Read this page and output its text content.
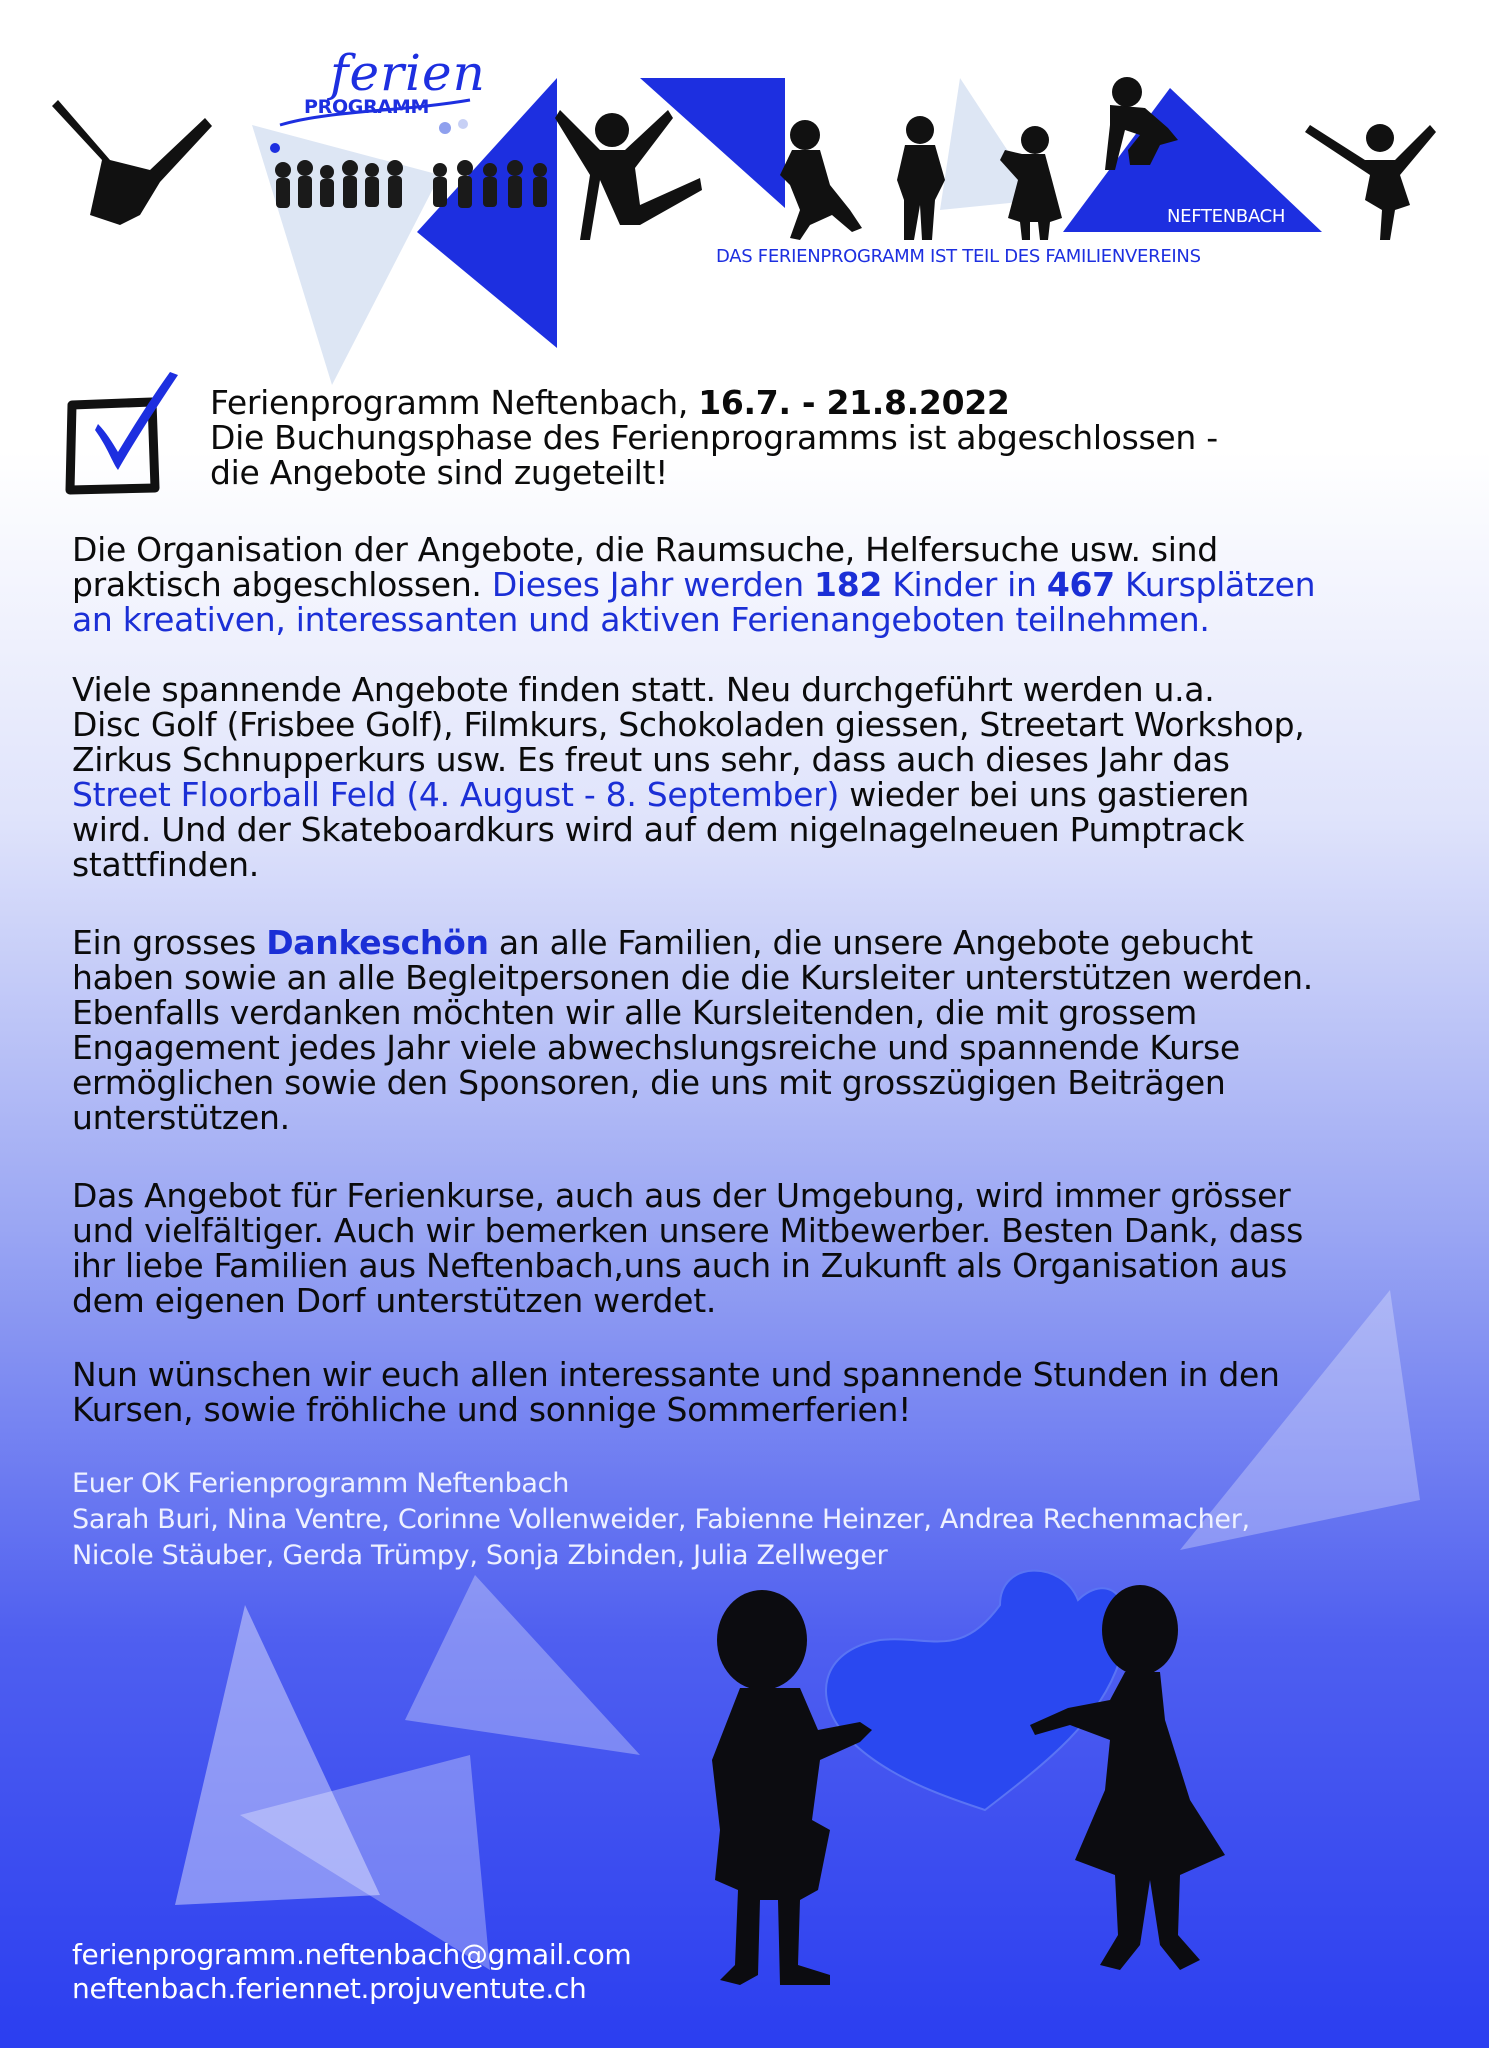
ferien
PROGRAMM
NEFTENBACH
DAS FERIENPROGRAMM IST TEIL DES FAMILIENVEREINS
Ferienprogramm Neftenbach, 16.7. - 21.8.2022
Die Buchungsphase des Ferienprogramms ist abgeschlossen -
die Angebote sind zugeteilt!
Die Organisation der Angebote, die Raumsuche, Helfersuche usw. sind
praktisch abgeschlossen. Dieses Jahr werden 182 Kinder in 467 Kursplätzen
an kreativen, interessanten und aktiven Ferienangeboten teilnehmen.
Viele spannende Angebote finden statt. Neu durchgeführt werden u.a.
Disc Golf (Frisbee Golf), Filmkurs, Schokoladen giessen, Streetart Workshop,
Zirkus Schnupperkurs usw. Es freut uns sehr, dass auch dieses Jahr das
Street Floorball Feld (4. August - 8. September) wieder bei uns gastieren
wird. Und der Skateboardkurs wird auf dem nigelnagelneuen Pumptrack
stattfinden.
Ein grosses Dankeschön an alle Familien, die unsere Angebote gebucht
haben sowie an alle Begleitpersonen die die Kursleiter unterstützen werden.
Ebenfalls verdanken möchten wir alle Kursleitenden, die mit grossem
Engagement jedes Jahr viele abwechslungsreiche und spannende Kurse
ermöglichen sowie den Sponsoren, die uns mit grosszügigen Beiträgen
unterstützen.
Das Angebot für Ferienkurse, auch aus der Umgebung, wird immer grösser
und vielfältiger. Auch wir bemerken unsere Mitbewerber. Besten Dank, dass
ihr liebe Familien aus Neftenbach,uns auch in Zukunft als Organisation aus
dem eigenen Dorf unterstützen werdet.
Nun wünschen wir euch allen interessante und spannende Stunden in den
Kursen, sowie fröhliche und sonnige Sommerferien!
Euer OK Ferienprogramm Neftenbach
Sarah Buri, Nina Ventre, Corinne Vollenweider, Fabienne Heinzer, Andrea Rechenmacher,
Nicole Stäuber, Gerda Trümpy, Sonja Zbinden, Julia Zellweger
ferienprogramm.neftenbach@gmail.com
neftenbach.feriennet.projuventute.ch
